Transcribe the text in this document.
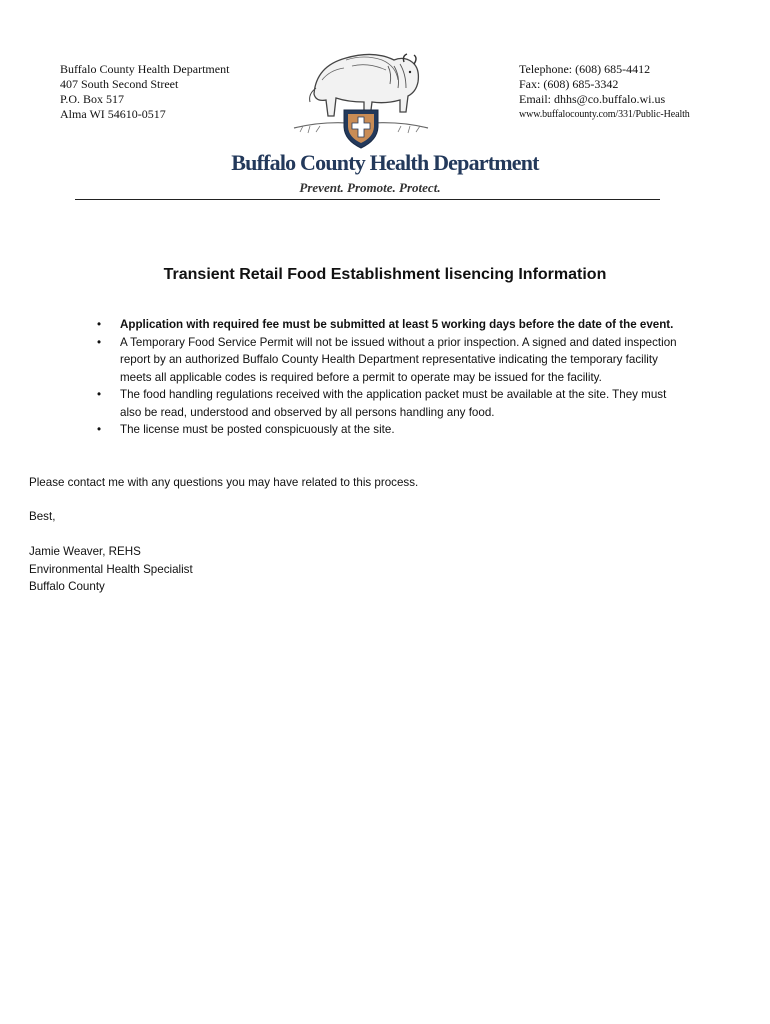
Buffalo County Health Department
407 South Second Street
P.O. Box 517
Alma WI 54610-0517
Telephone: (608) 685-4412
Fax: (608) 685-3342
Email: dhhs@co.buffalo.wi.us
www.buffalocounty.com/331/Public-Health
Buffalo County Health Department
Prevent. Promote. Protect.
Transient Retail Food Establishment lisencing Information
• Application with required fee must be submitted at least 5 working days before the date of the event.
• A Temporary Food Service Permit will not be issued without a prior inspection. A signed and dated inspection
report by an authorized Buffalo County Health Department representative indicating the temporary facility
meets all applicable codes is required before a permit to operate may be issued for the facility.
• The food handling regulations received with the application packet must be available at the site. They must
also be read, understood and observed by all persons handling any food.
• The license must be posted conspicuously at the site.
Please contact me with any questions you may have related to this process.
Best,
Jamie Weaver, REHS
Environmental Health Specialist
Buffalo County
